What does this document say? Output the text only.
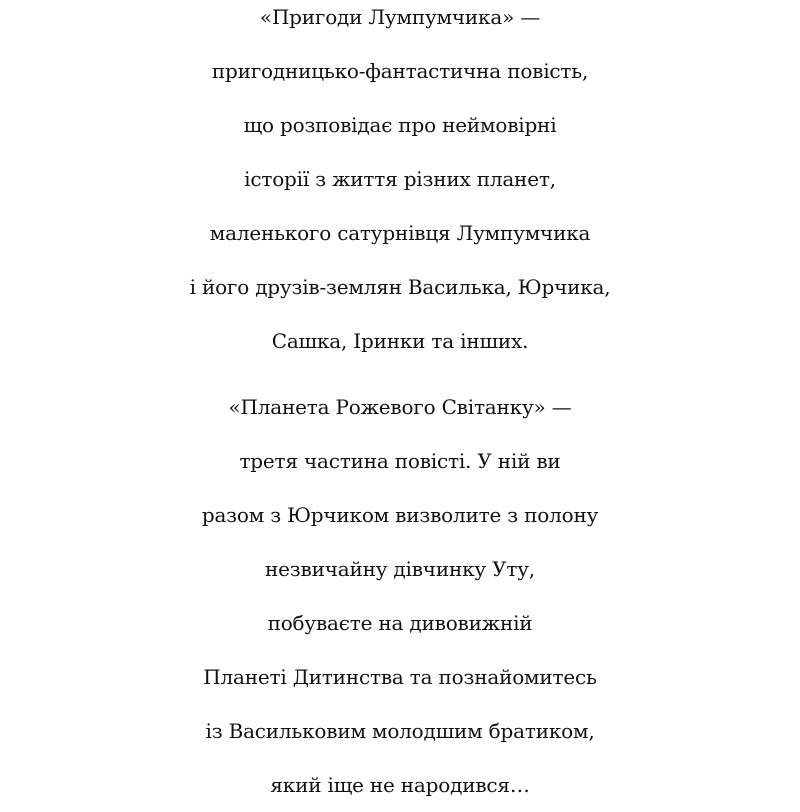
«Пригоди Лумпумчика» —
пригодницько-фантастична повість,
що розповідає про неймовірні
історії з життя різних планет,
маленького сатурнівця Лумпумчика
і його друзів-землян Василька, Юрчика,
Сашка, Іринки та інших.
«Планета Рожевого Світанку» —
третя частина повісті. У ній ви
разом з Юрчиком визволите з полону
незвичайну дівчинку Уту,
побуваєте на дивовижній
Планеті Дитинства та познайомитесь
із Васильковим молодшим братиком,
який іще не народився…
